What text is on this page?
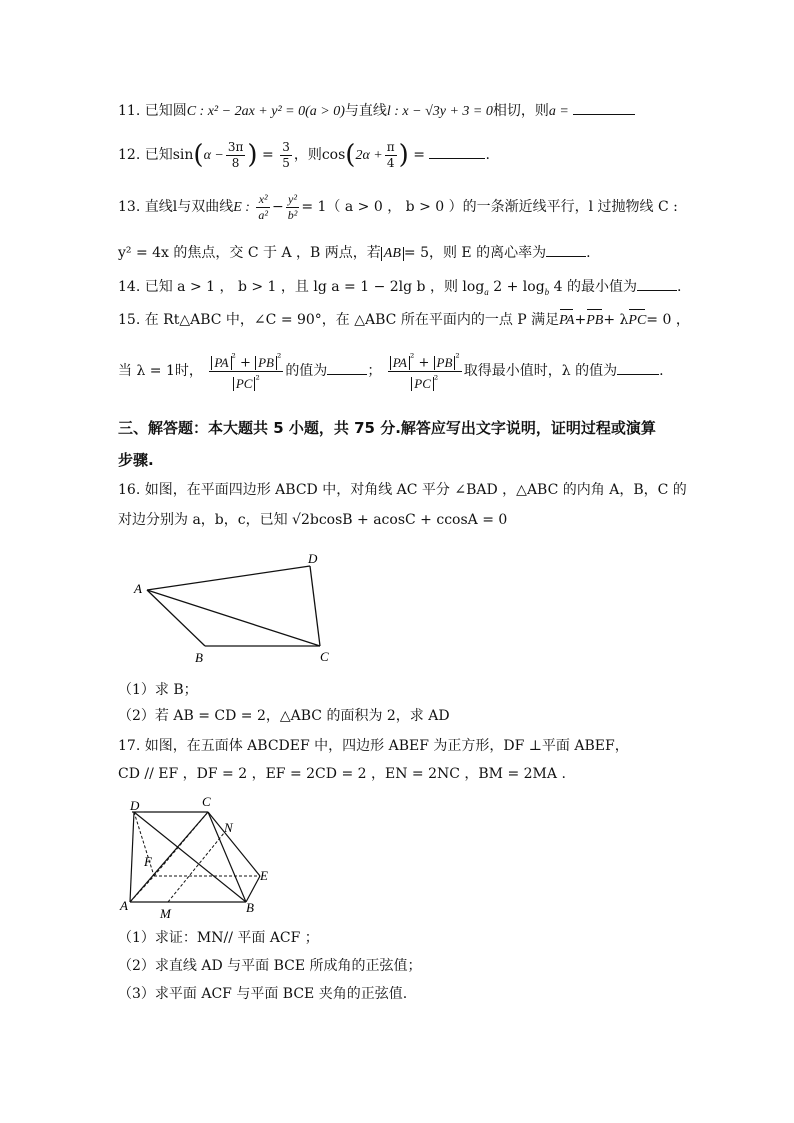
11. 已知圆C : x² − 2ax + y² = 0(a > 0)与直线l : x − √3y + 3 = 0相切，则a =
12. 已知$\sin(\alpha - \frac{3\pi}{8}$ ) = $\frac{3}{5}$ ，则$\cos(2\alpha + \frac{\pi}{4}$ ) =	.
13. 直线l与双曲线E : $\frac{\text{x²}}{\text{a²}} - \frac{\text{y²}}{\text{b²}} = 1$（ a > 0 ， b > 0 ）的一条渐近线平行，l 过抛物线 C :
y² = 4x 的焦点，交 C 于 A ，B 两点，若 AB = 5，则 E 的离心率为	.
14. 已知 a > 1 ， b > 1 ，且 lg a = 1 − 2lg b ，则 $\log_a 2 + \log_b 4$ 的最小值为	.
15. 在 Rt△ABC 中，∠C = 90°，在 △ABC 所在平面内的一点 P 满足PA+PB+ λPC= 0 ，
当 λ = 1时， $\frac{PA ^{^2} + PB ^{^2}}{PC ^{^2}}$ 的值为	； $\frac{PA ^{^2} + PB ^{^2}}{PC ^{^2}}$ 取得最小值时，λ 的值为	.
三、解答题：本大题共 5 小题，共 75 分.解答应写出文字说明，证明过程或演算
步骤.
16. 如图，在平面四边形 ABCD 中，对角线 AC 平分 ∠BAD ，△ABC 的内角 A，B，C 的
对边分别为 a，b，c，已知 √2bcosB + acosC + ccosA = 0
A
D
B	C
（1）求 B；
（2）若 AB = CD = 2，△ABC 的面积为 2，求 AD
17. 如图，在五面体 ABCDEF 中，四边形 ABEF 为正方形，DF ⊥平面 ABEF，
CD // EF ，DF = 2 ，EF = 2CD = 2 ，EN = 2NC ，BM = 2MA .
D	C
N
F
E
A
M	B
（1）求证：MN// 平面 ACF ；
（2）求直线 AD 与平面 BCE 所成角的正弦值；
（3）求平面 ACF 与平面 BCE 夹角的正弦值.
